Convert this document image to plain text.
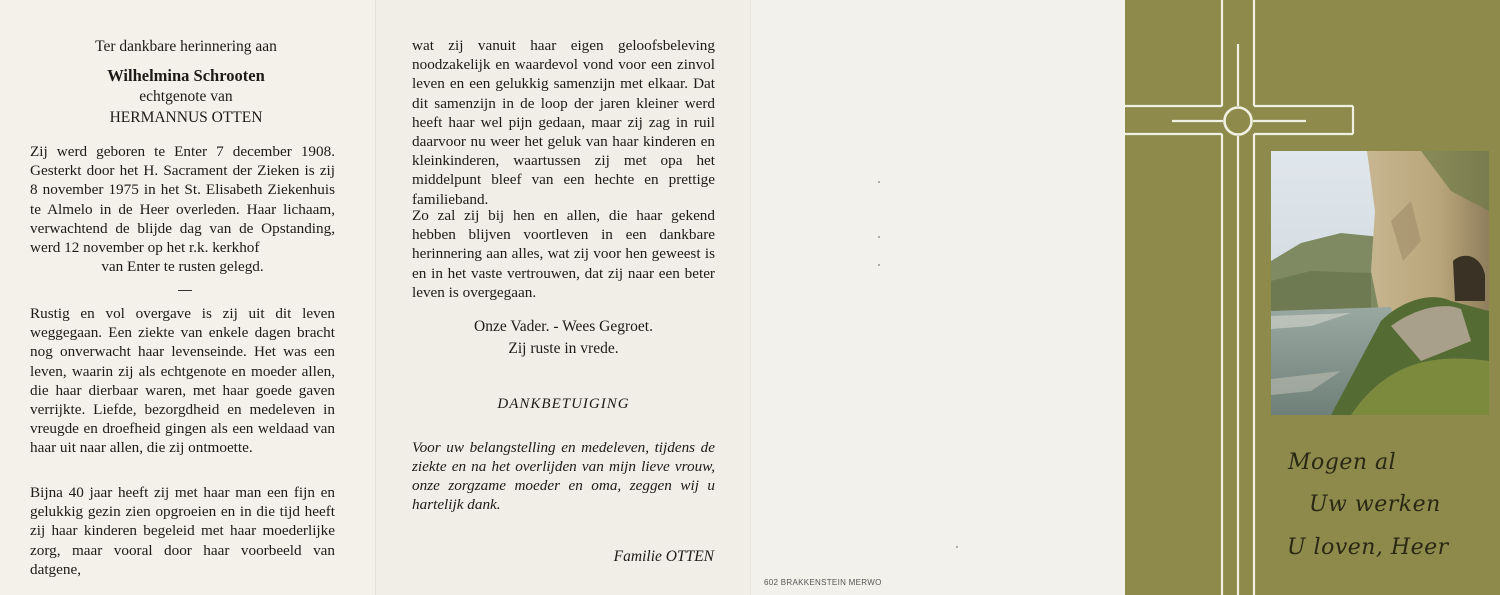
Ter dankbare herinnering aan
Wilhelmina Schrooten
echtgenote van
HERMANNUS OTTEN
Zij werd geboren te Enter 7 december 1908. Gesterkt door het H. Sacrament der Zieken is zij 8 november 1975 in het St. Elisabeth Ziekenhuis te Almelo in de Heer overleden. Haar lichaam, verwachtend de blijde dag van de Opstanding, werd 12 november op het r.k. kerkhof
van Enter te rusten gelegd.
Rustig en vol overgave is zij uit dit leven weggegaan. Een ziekte van enkele dagen bracht nog onverwacht haar levenseinde. Het was een leven, waarin zij als echtgenote en moeder allen, die haar dierbaar waren, met haar goede gaven verrijkte. Liefde, bezorgdheid en medeleven in vreugde en droefheid gingen als een weldaad van haar uit naar allen, die zij ontmoette.
Bijna 40 jaar heeft zij met haar man een fijn en gelukkig gezin zien opgroeien en in die tijd heeft zij haar kinderen begeleid met haar moederlijke zorg, maar vooral door haar voorbeeld van datgene,
wat zij vanuit haar eigen geloofsbeleving noodzakelijk en waardevol vond voor een zinvol leven en een gelukkig samenzijn met elkaar. Dat dit samenzijn in de loop der jaren kleiner werd heeft haar wel pijn gedaan, maar zij zag in ruil daarvoor nu weer het geluk van haar kinderen en kleinkinderen, waartussen zij met opa het middelpunt bleef van een hechte en prettige familieband.
Zo zal zij bij hen en allen, die haar gekend hebben blijven voortleven in een dankbare herinnering aan alles, wat zij voor hen geweest is en in het vaste vertrouwen, dat zij naar een beter leven is overgegaan.
Onze Vader. - Wees Gegroet.
Zij ruste in vrede.
DANKBETUIGING
Voor uw belangstelling en medeleven, tijdens de ziekte en na het overlijden van mijn lieve vrouw, onze zorgzame moeder en oma, zeggen wij u hartelijk dank.
Familie OTTEN
602 BRAKKENSTEIN MERWO
Mogen al
Uw werken
U loven, Heer
